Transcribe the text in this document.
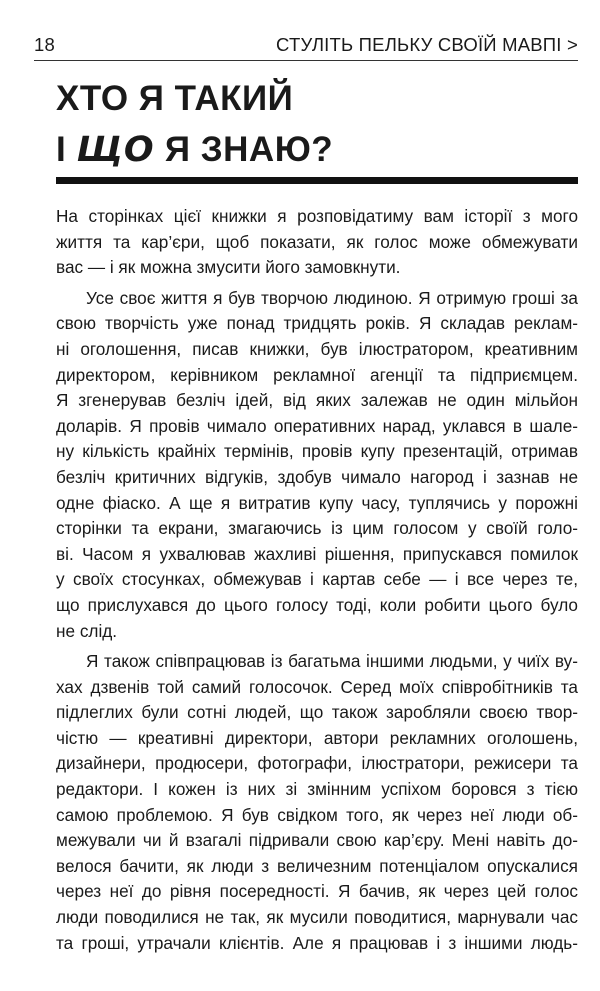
18	СТУЛІТЬ ПЕЛЬКУ СВОЇЙ МАВПІ >
ХТО Я ТАКИЙ
І ЩО Я ЗНАЮ?
На сторінках цієї книжки я розповідатиму вам історії з мого
життя та кар’єри, щоб показати, як голос може обмежувати
вас — і як можна змусити його замовкнути.
Усе своє життя я був творчою людиною. Я отримую гроші за
свою творчість уже понад тридцять років. Я складав реклам-
ні оголошення, писав книжки, був ілюстратором, креативним
директором, керівником рекламної агенції та підприємцем.
Я згенерував безліч ідей, від яких залежав не один мільйон
доларів. Я провів чимало оперативних нарад, уклався в шале-
ну кількість крайніх термінів, провів купу презентацій, отримав
безліч критичних відгуків, здобув чимало нагород і зазнав не
одне фіаско. А ще я витратив купу часу, туплячись у порожні
сторінки та екрани, змагаючись із цим голосом у своїй голо-
ві. Часом я ухвалював жахливі рішення, припускався помилок
у своїх стосунках, обмежував і картав себе — і все через те,
що прислухався до цього голосу тоді, коли робити цього було
не слід.
Я також співпрацював із багатьма іншими людьми, у чиїх ву-
хах дзвенів той самий голосочок. Серед моїх співробітників та
підлеглих були сотні людей, що також заробляли своєю твор-
чістю — креативні директори, автори рекламних оголошень,
дизайнери, продюсери, фотографи, ілюстратори, режисери та
редактори. І кожен із них зі змінним успіхом боровся з тією
самою проблемою. Я був свідком того, як через неї люди об-
межували чи й взагалі підривали свою кар’єру. Мені навіть до-
велося бачити, як люди з величезним потенціалом опускалися
через неї до рівня посередності. Я бачив, як через цей голос
люди поводилися не так, як мусили поводитися, марнували час
та гроші, утрачали клієнтів. Але я працював і з іншими людь-
